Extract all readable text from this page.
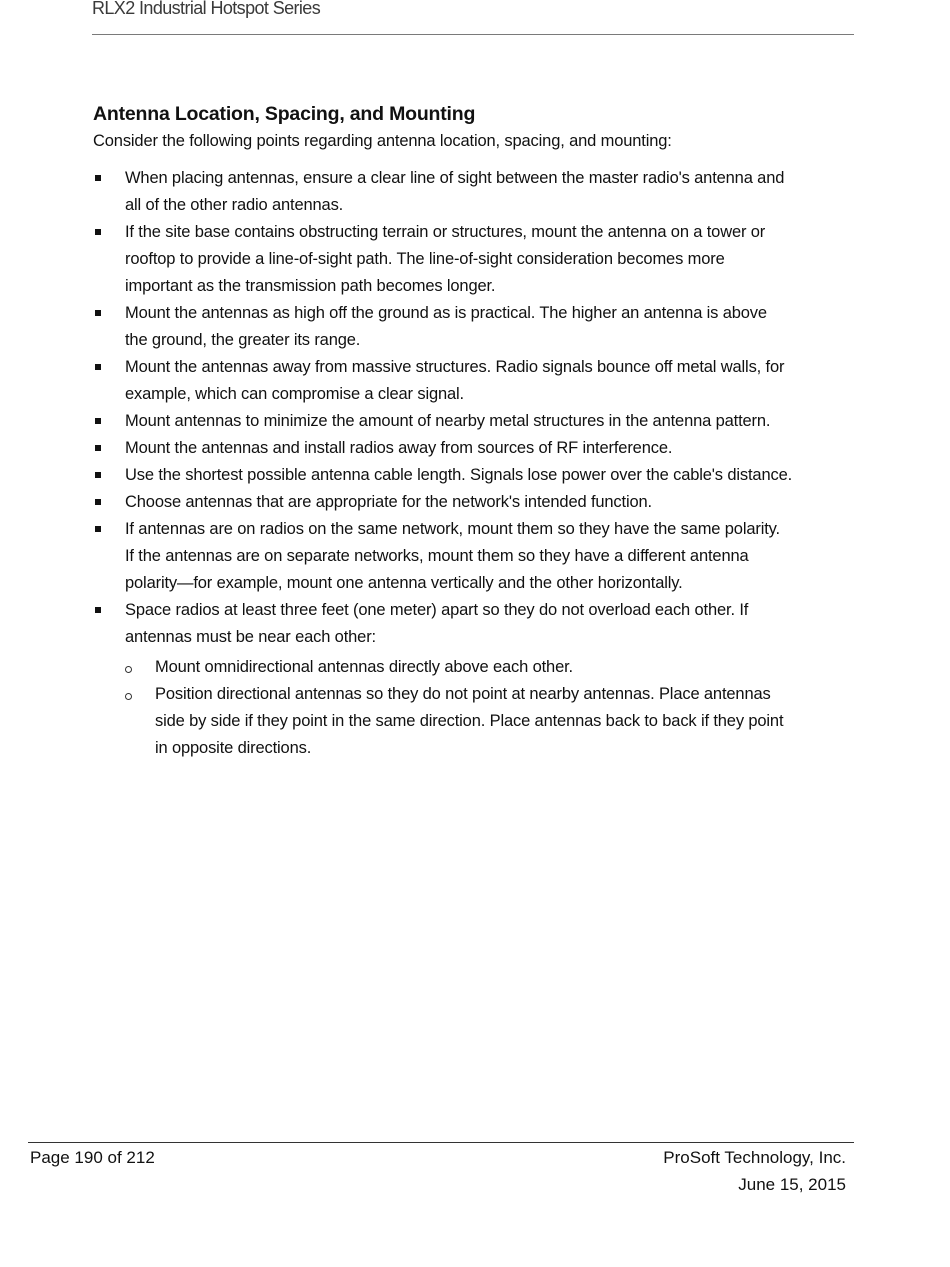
RLX2 Industrial Hotspot Series
Antenna Location, Spacing, and Mounting

Consider the following points regarding antenna location, spacing, and mounting:

When placing antennas, ensure a clear line of sight between the master radio's antenna and all of the other radio antennas.
If the site base contains obstructing terrain or structures, mount the antenna on a tower or rooftop to provide a line-of-sight path. The line-of-sight consideration becomes more important as the transmission path becomes longer.
Mount the antennas as high off the ground as is practical. The higher an antenna is above the ground, the greater its range.
Mount the antennas away from massive structures. Radio signals bounce off metal walls, for example, which can compromise a clear signal.
Mount antennas to minimize the amount of nearby metal structures in the antenna pattern.
Mount the antennas and install radios away from sources of RF interference.
Use the shortest possible antenna cable length. Signals lose power over the cable's distance.
Choose antennas that are appropriate for the network's intended function.
If antennas are on radios on the same network, mount them so they have the same polarity. If the antennas are on separate networks, mount them so they have a different antenna polarity—for example, mount one antenna vertically and the other horizontally.
Space radios at least three feet (one meter) apart so they do not overload each other. If antennas must be near each other:
Mount omnidirectional antennas directly above each other.
Position directional antennas so they do not point at nearby antennas. Place antennas side by side if they point in the same direction. Place antennas back to back if they point in opposite directions.
Page 190 of 212	ProSoft Technology, Inc.
June 15, 2015
